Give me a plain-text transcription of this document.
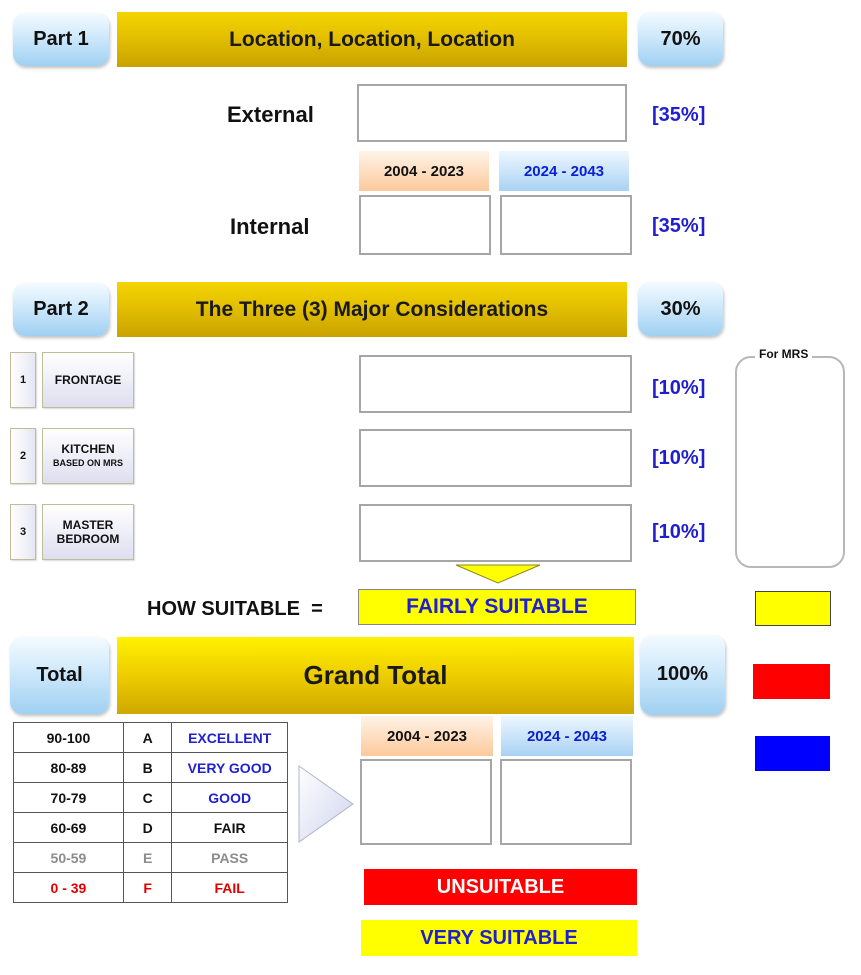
Part 1	Location, Location, Location	70%
External	[35%]
2004 - 2023	2024 - 2043
Internal	[35%]
Part 2	The Three (3) Major Considerations	30%
1	FRONTAGE	[10%]
2	KITCHEN
BASED ON MRS	[10%]
3	MASTER BEDROOM	[10%]
For MRS
HOW SUITABLE  =	FAIRLY SUITABLE
Total	Grand Total	100%
90-100	A	EXCELLENT
80-89	B	VERY GOOD
70-79	C	GOOD
60-69	D	FAIR
50-59	E	PASS
0 - 39	F	FAIL
2004 - 2023	2024 - 2043
UNSUITABLE
VERY SUITABLE
